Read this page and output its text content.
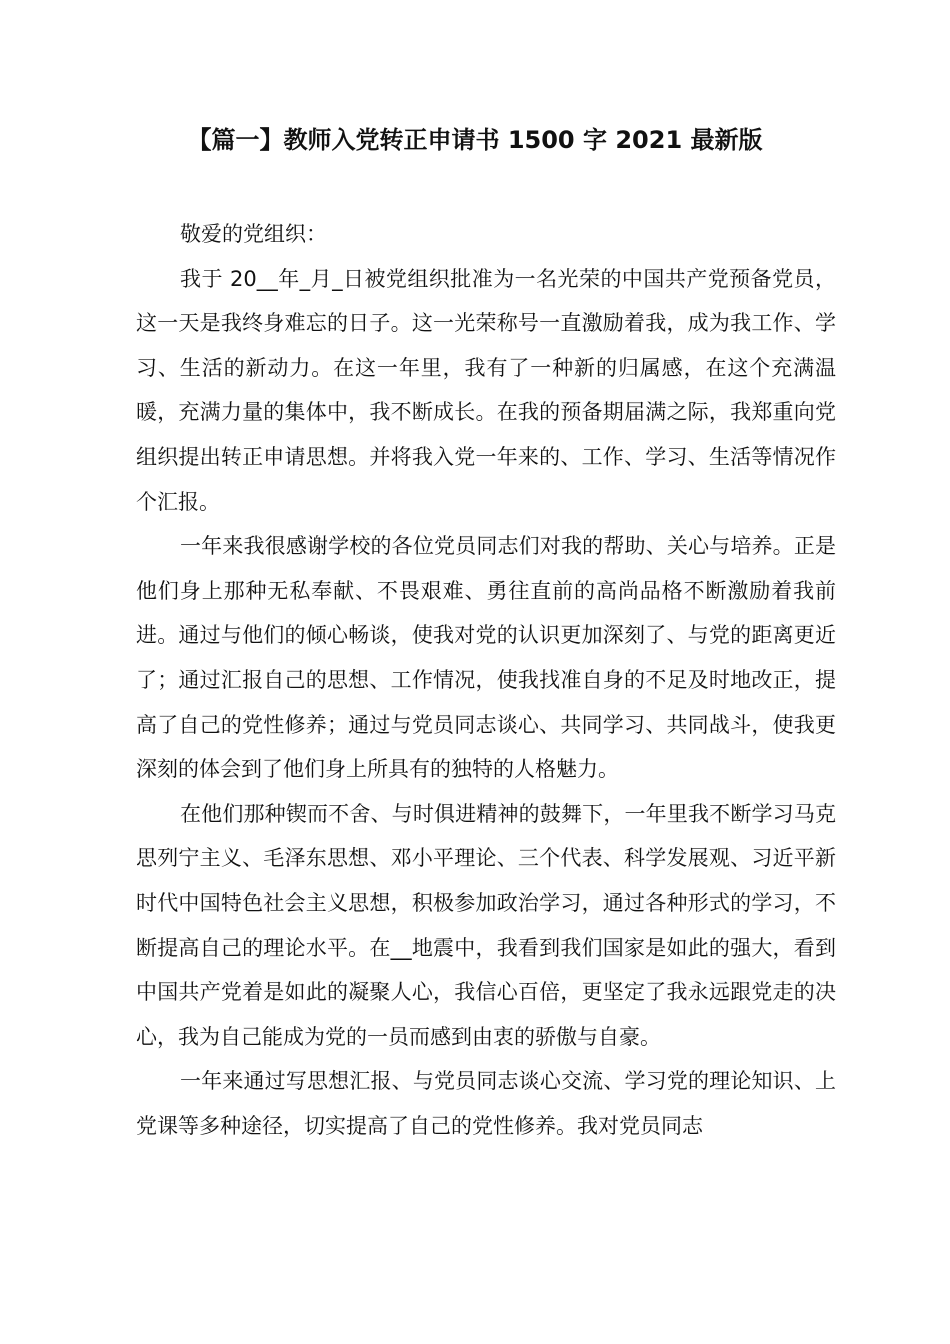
【篇一】教师入党转正申请书 1500 字 2021 最新版

敬爱的党组织：

我于 20__年_月_日被党组织批准为一名光荣的中国共产党预备党员，这一天是我终身难忘的日子。这一光荣称号一直激励着我，成为我工作、学习、生活的新动力。在这一年里，我有了一种新的归属感，在这个充满温暖，充满力量的集体中，我不断成长。在我的预备期届满之际，我郑重向党组织提出转正申请思想。并将我入党一年来的、工作、学习、生活等情况作个汇报。

一年来我很感谢学校的各位党员同志们对我的帮助、关心与培养。正是他们身上那种无私奉献、不畏艰难、勇往直前的高尚品格不断激励着我前进。通过与他们的倾心畅谈，使我对党的认识更加深刻了、与党的距离更近了；通过汇报自己的思想、工作情况，使我找准自身的不足及时地改正，提高了自己的党性修养；通过与党员同志谈心、共同学习、共同战斗，使我更深刻的体会到了他们身上所具有的独特的人格魅力。

在他们那种锲而不舍、与时俱进精神的鼓舞下，一年里我不断学习马克思列宁主义、毛泽东思想、邓小平理论、三个代表、科学发展观、习近平新时代中国特色社会主义思想，积极参加政治学习，通过各种形式的学习，不断提高自己的理论水平。在__地震中，我看到我们国家是如此的强大，看到中国共产党着是如此的凝聚人心，我信心百倍，更坚定了我永远跟党走的决心，我为自己能成为党的一员而感到由衷的骄傲与自豪。

一年来通过写思想汇报、与党员同志谈心交流、学习党的理论知识、上党课等多种途径，切实提高了自己的党性修养。我对党员同志
